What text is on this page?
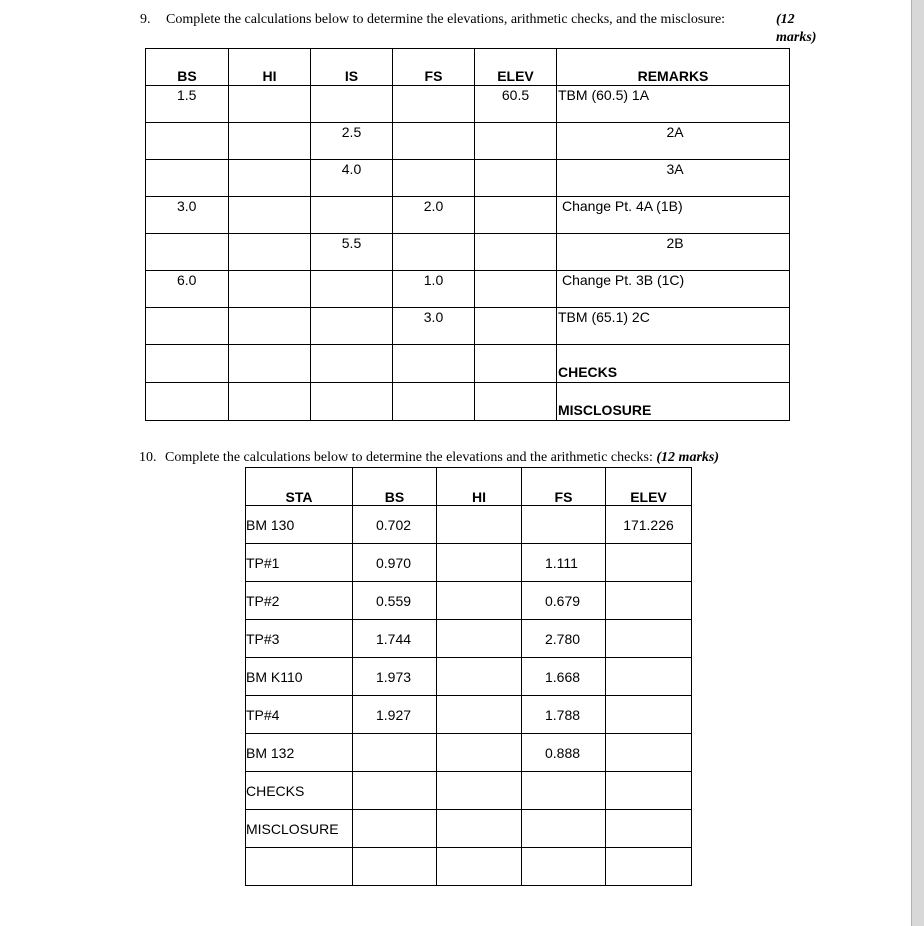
9. Complete the calculations below to determine the elevations, arithmetic checks, and the misclosure:	(12 marks)
BS	HI	IS	FS	ELEV	REMARKS
1.5				60.5	TBM (60.5) 1A
		2.5			2A
		4.0			3A
3.0			2.0		Change Pt. 4A (1B)
		5.5			2B
6.0			1.0		Change Pt. 3B (1C)
			3.0		TBM (65.1) 2C
					CHECKS
					MISCLOSURE
10. Complete the calculations below to determine the elevations and the arithmetic checks: (12 marks)
STA	BS	HI	FS	ELEV
BM 130	0.702			171.226
TP#1	0.970		1.111	
TP#2	0.559		0.679	
TP#3	1.744		2.780	
BM K110	1.973		1.668	
TP#4	1.927		1.788	
BM 132			0.888	
CHECKS				
MISCLOSURE				
